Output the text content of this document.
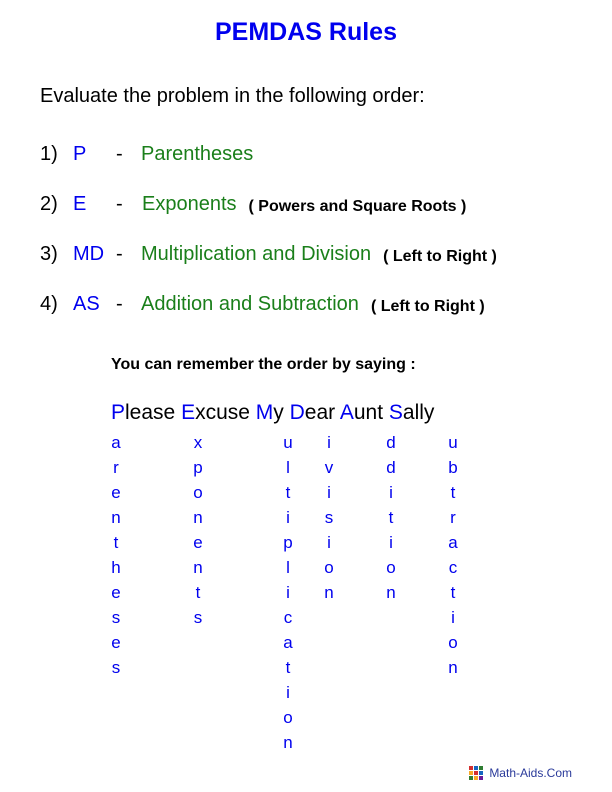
PEMDAS Rules
Evaluate the problem in the following order:
1) P - Parentheses
2) E - Exponents ( Powers and Square Roots )
3) MD - Multiplication and Division ( Left to Right )
4) AS - Addition and Subtraction ( Left to Right )
You can remember the order by saying :
Please Excuse My Dear Aunt Sally
a
r
e
n
t
h
e
s
e
s
x
p
o
n
e
n
t
s
u
l
t
i
p
l
i
c
a
t
i
o
n
i
v
i
s
i
o
n
d
d
i
t
i
o
n
u
b
t
r
a
c
t
i
o
n
Math-Aids.Com
